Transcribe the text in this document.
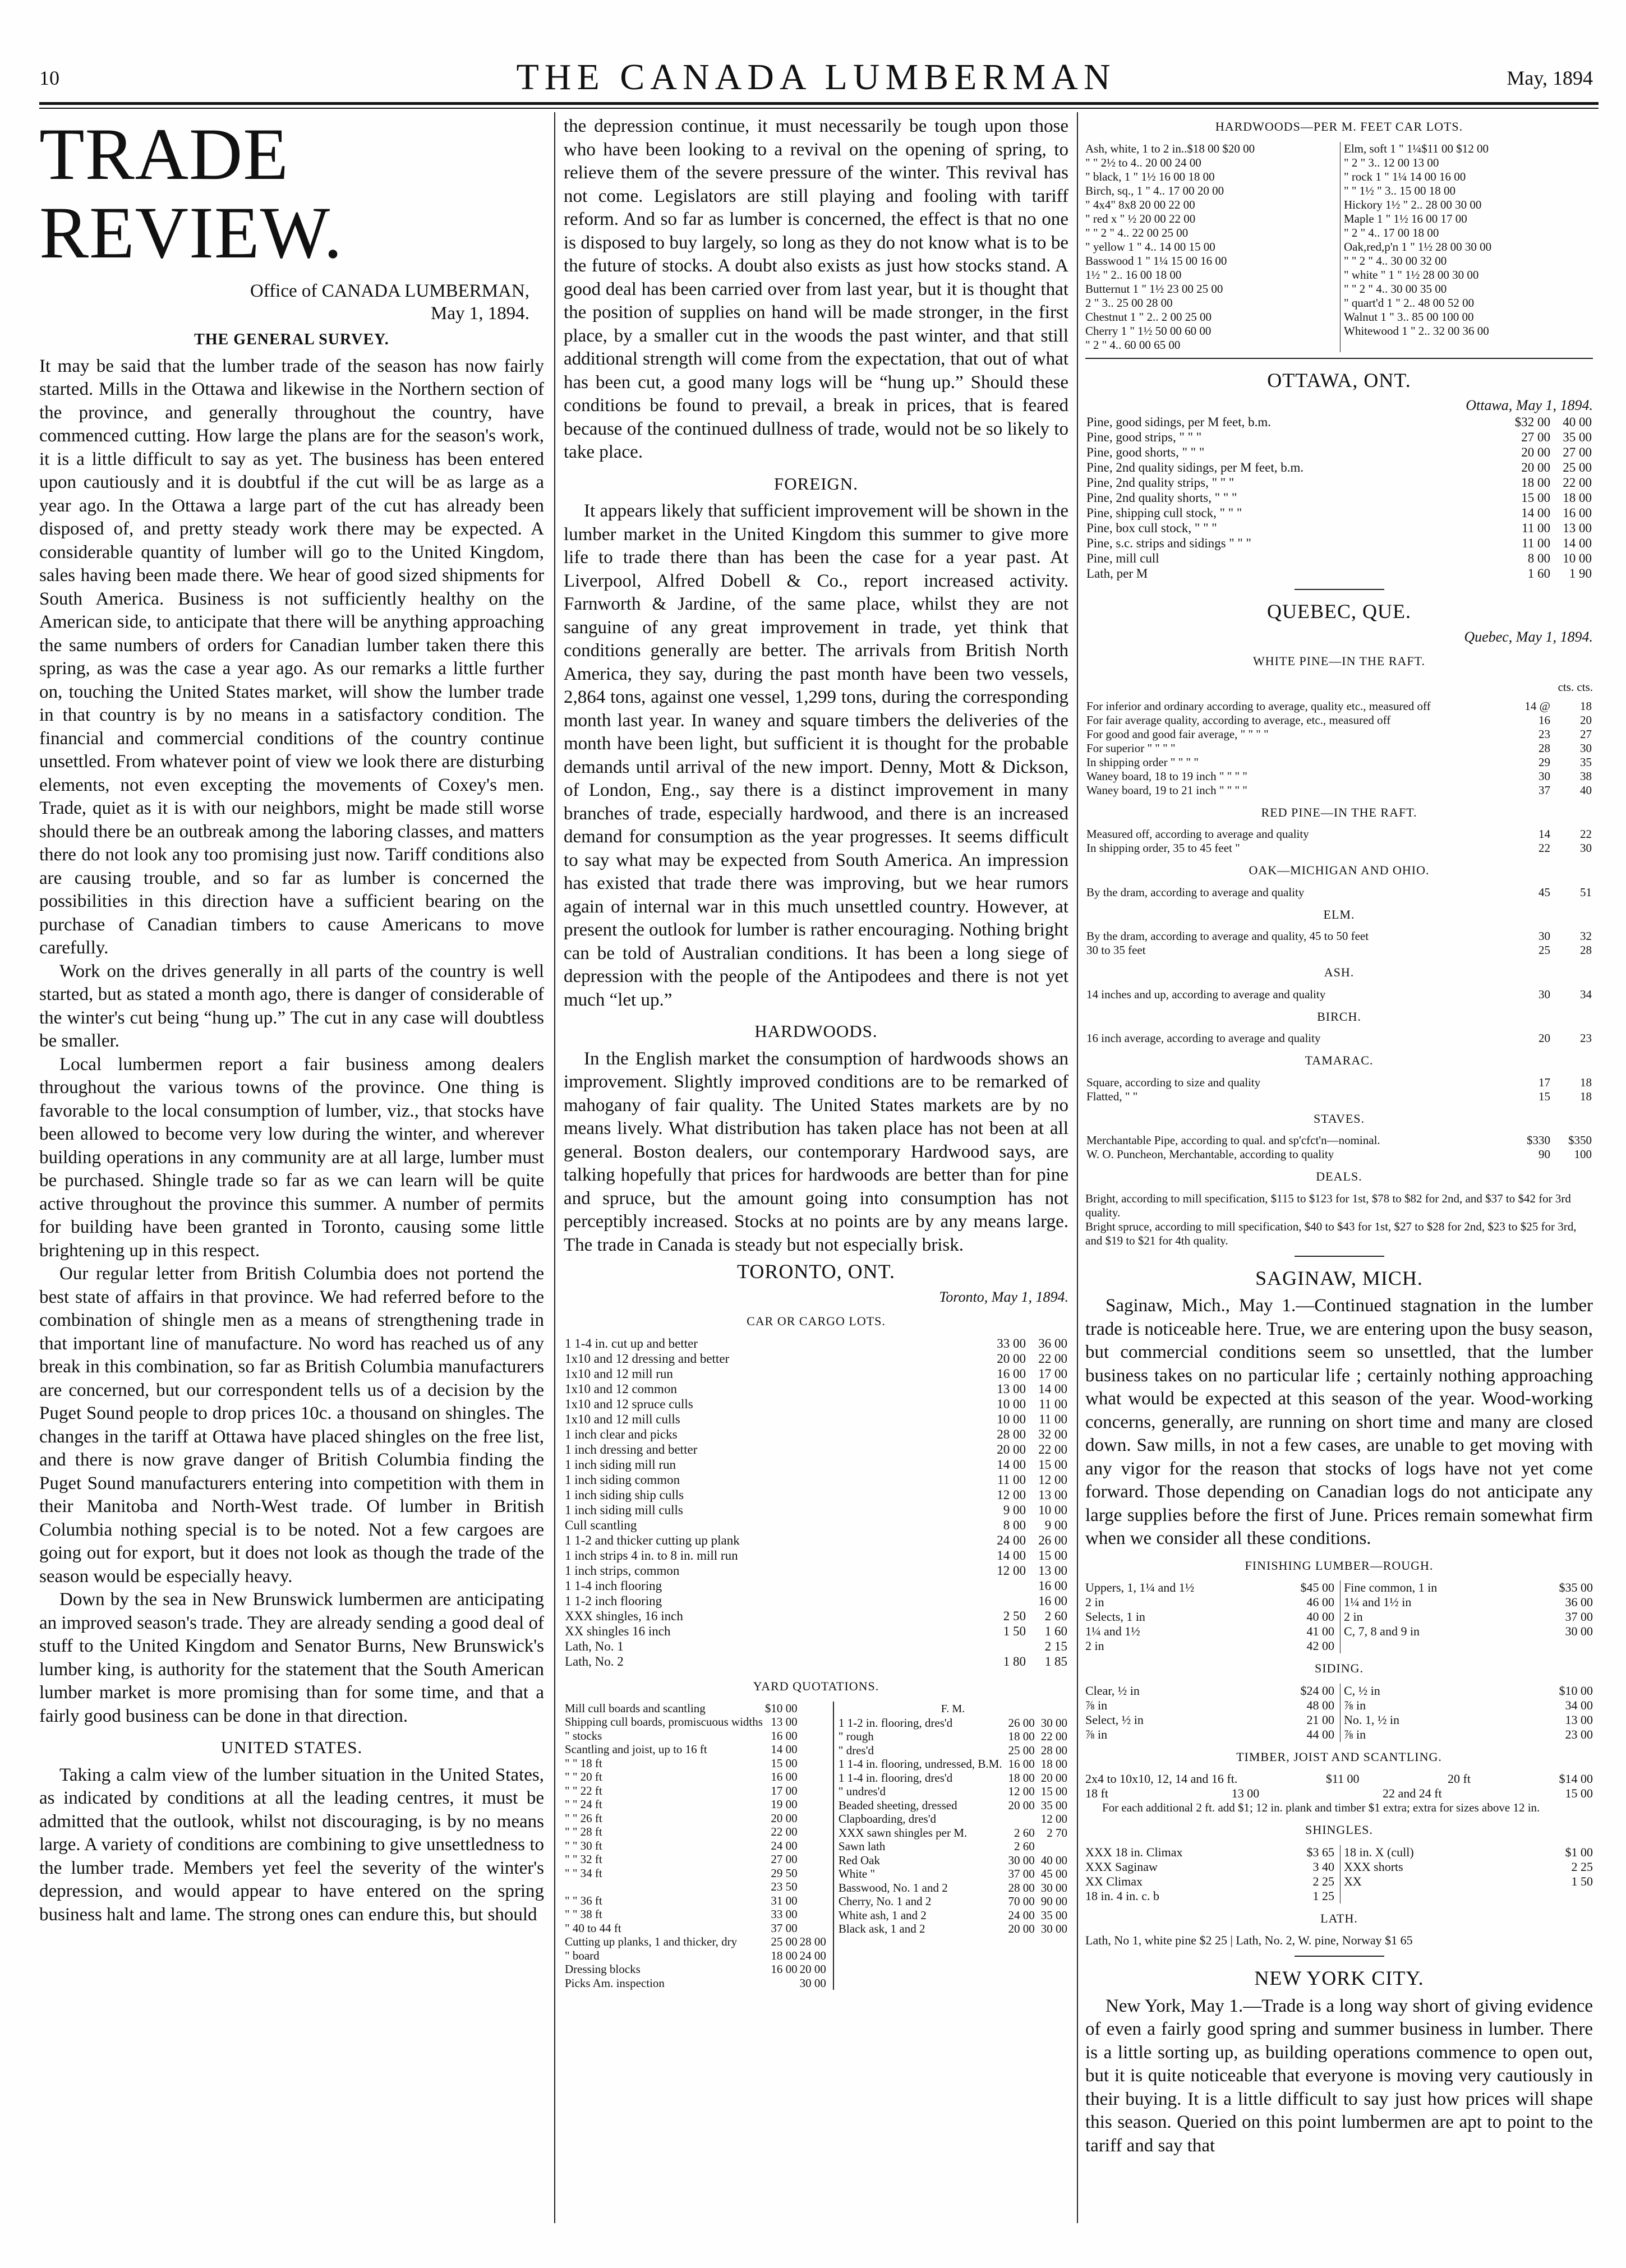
10	THE CANADA LUMBERMAN	May, 1894
TRADE REVIEW.
Office of CANADA LUMBERMAN,
May 1, 1894.
THE GENERAL SURVEY.

It may be said that the lumber trade of the season has now fairly started. Mills in the Ottawa and likewise in the Northern section of the province, and generally throughout the country, have commenced cutting. How large the plans are for the season's work, it is a little difficult to say as yet. The business has been entered upon cautiously and it is doubtful if the cut will be as large as a year ago. In the Ottawa a large part of the cut has already been disposed of, and pretty steady work there may be expected. A considerable quantity of lumber will go to the United Kingdom, sales having been made there. We hear of good sized shipments for South America. Business is not sufficiently healthy on the American side, to anticipate that there will be anything approaching the same numbers of orders for Canadian lumber taken there this spring, as was the case a year ago. As our remarks a little further on, touching the United States market, will show the lumber trade in that country is by no means in a satisfactory condition. The financial and commercial conditions of the country continue unsettled. From whatever point of view we look there are disturbing elements, not even excepting the movements of Coxey's men. Trade, quiet as it is with our neighbors, might be made still worse should there be an outbreak among the laboring classes, and matters there do not look any too promising just now. Tariff conditions also are causing trouble, and so far as lumber is concerned the possibilities in this direction have a sufficient bearing on the purchase of Canadian timbers to cause Americans to move carefully.

Work on the drives generally in all parts of the country is well started, but as stated a month ago, there is danger of considerable of the winter's cut being “hung up.” The cut in any case will doubtless be smaller.

Local lumbermen report a fair business among dealers throughout the various towns of the province. One thing is favorable to the local consumption of lumber, viz., that stocks have been allowed to become very low during the winter, and wherever building operations in any community are at all large, lumber must be purchased. Shingle trade so far as we can learn will be quite active throughout the province this summer. A number of permits for building have been granted in Toronto, causing some little brightening up in this respect.

Our regular letter from British Columbia does not portend the best state of affairs in that province. We had referred before to the combination of shingle men as a means of strengthening trade in that important line of manufacture. No word has reached us of any break in this combination, so far as British Columbia manufacturers are concerned, but our correspondent tells us of a decision by the Puget Sound people to drop prices 10c. a thousand on shingles. The changes in the tariff at Ottawa have placed shingles on the free list, and there is now grave danger of British Columbia finding the Puget Sound manufacturers entering into competition with them in their Manitoba and North-West trade. Of lumber in British Columbia nothing special is to be noted. Not a few cargoes are going out for export, but it does not look as though the trade of the season would be especially heavy.

Down by the sea in New Brunswick lumbermen are anticipating an improved season's trade. They are already sending a good deal of stuff to the United Kingdom and Senator Burns, New Brunswick's lumber king, is authority for the statement that the South American lumber market is more promising than for some time, and that a fairly good business can be done in that direction.

UNITED STATES.

Taking a calm view of the lumber situation in the United States, as indicated by conditions at all the leading centres, it must be admitted that the outlook, whilst not discouraging, is by no means large. A variety of conditions are combining to give unsettledness to the lumber trade. Members yet feel the severity of the winter's depression, and would appear to have entered on the spring business halt and lame. The strong ones can endure this, but should

the depression continue, it must necessarily be tough upon those who have been looking to a revival on the opening of spring, to relieve them of the severe pressure of the winter. This revival has not come. Legislators are still playing and fooling with tariff reform. And so far as lumber is concerned, the effect is that no one is disposed to buy largely, so long as they do not know what is to be the future of stocks. A doubt also exists as just how stocks stand. A good deal has been carried over from last year, but it is thought that the position of supplies on hand will be made stronger, in the first place, by a smaller cut in the woods the past winter, and that still additional strength will come from the expectation, that out of what has been cut, a good many logs will be “hung up.” Should these conditions be found to prevail, a break in prices, that is feared because of the continued dullness of trade, would not be so likely to take place.

FOREIGN.

It appears likely that sufficient improvement will be shown in the lumber market in the United Kingdom this summer to give more life to trade there than has been the case for a year past. At Liverpool, Alfred Dobell & Co., report increased activity. Farnworth & Jardine, of the same place, whilst they are not sanguine of any great improvement in trade, yet think that conditions generally are better. The arrivals from British North America, they say, during the past month have been two vessels, 2,864 tons, against one vessel, 1,299 tons, during the corresponding month last year. In waney and square timbers the deliveries of the month have been light, but sufficient it is thought for the probable demands until arrival of the new import. Denny, Mott & Dickson, of London, Eng., say there is a distinct improvement in many branches of trade, especially hardwood, and there is an increased demand for consumption as the year progresses. It seems difficult to say what may be expected from South America. An impression has existed that trade there was improving, but we hear rumors again of internal war in this much unsettled country. However, at present the outlook for lumber is rather encouraging. Nothing bright can be told of Australian conditions. It has been a long siege of depression with the people of the Antipodees and there is not yet much “let up.”

HARDWOODS.

In the English market the consumption of hardwoods shows an improvement. Slightly improved conditions are to be remarked of mahogany of fair quality. The United States markets are by no means lively. What distribution has taken place has not been at all general. Boston dealers, our contemporary Hardwood says, are talking hopefully that prices for hardwoods are better than for pine and spruce, but the amount going into consumption has not perceptibly increased. Stocks at no points are by any means large. The trade in Canada is steady but not especially brisk.

TORONTO, ONT.
Toronto, May 1, 1894.
CAR OR CARGO LOTS.
1 1-4 in. cut up and better	33 00	36 00
1x10 and 12 dressing and better	20 00	22 00
1x10 and 12 mill run	16 00	17 00
1x10 and 12 common	13 00	14 00
1x10 and 12 spruce culls	10 00	11 00
1x10 and 12 mill culls	10 00	11 00
1 inch clear and picks	28 00	32 00
1 inch dressing and better	20 00	22 00
1 inch siding mill run	14 00	15 00
1 inch siding common	11 00	12 00
1 inch siding ship culls	12 00	13 00
1 inch siding mill culls	9 00	10 00
Cull scantling	8 00	9 00
1 1-2 and thicker cutting up plank	24 00	26 00
1 inch strips 4 in. to 8 in. mill run	14 00	15 00
1 inch strips, common	12 00	13 00
1 1-4 inch flooring		16 00
1 1-2 inch flooring		16 00
XXX shingles, 16 inch	2 50	2 60
XX shingles 16 inch	1 50	1 60
Lath, No. 1		2 15
Lath, No. 2	1 80	1 85
YARD QUOTATIONS.
Mill cull boards and scantling	$10 00	
Shipping cull boards, promiscuous widths	13 00	
" stocks	16 00	
Scantling and joist, up to 16 ft	14 00	
" " 18 ft	15 00	
" " 20 ft	16 00	
" " 22 ft	17 00	
" " 24 ft	19 00	
" " 26 ft	20 00	
" " 28 ft	22 00	
" " 30 ft	24 00	
" " 32 ft	27 00	
" " 34 ft	29 50	
	23 50	
" " 36 ft	31 00	
" " 38 ft	33 00	
" 40 to 44 ft	37 00	
Cutting up planks, 1 and thicker, dry	25 00	28 00
" board	18 00	24 00
Dressing blocks	16 00	20 00
Picks Am. inspection		30 00
F. M.
1 1-2 in. flooring, dres'd	26 00	30 00
" rough	18 00	22 00
" dres'd	25 00	28 00
1 1-4 in. flooring, undressed, B.M.	16 00	18 00
1 1-4 in. flooring, dres'd	18 00	20 00
" undres'd	12 00	15 00
Beaded sheeting, dressed	20 00	35 00
Clapboarding, dres'd		12 00
XXX sawn shingles per M.	2 60	2 70
Sawn lath	2 60	
Red Oak	30 00	40 00
White "	37 00	45 00
Basswood, No. 1 and 2	28 00	30 00
Cherry, No. 1 and 2	70 00	90 00
White ash, 1 and 2	24 00	35 00
Black ask, 1 and 2	20 00	30 00
HARDWOODS—PER M. FEET CAR LOTS.
Ash, white, 1 to 2 in..$18 00 $20 00
" " 2½ to 4.. 20 00 24 00
" black, 1 " 1½ 16 00 18 00
Birch, sq., 1 " 4.. 17 00 20 00
" 4x4" 8x8 20 00 22 00
" red x " ½ 20 00 22 00
" " 2 " 4.. 22 00 25 00
" yellow 1 " 4.. 14 00 15 00
Basswood 1 " 1¼ 15 00 16 00
1½ " 2.. 16 00 18 00
Butternut 1 " 1½ 23 00 25 00
2 " 3.. 25 00 28 00
Chestnut 1 " 2.. 2 00 25 00
Cherry 1 " 1½ 50 00 60 00
" 2 " 4.. 60 00 65 00
Elm, soft 1 " 1¼$11 00 $12 00
" 2 " 3.. 12 00 13 00
" rock 1 " 1¼ 14 00 16 00
" " 1½ " 3.. 15 00 18 00
Hickory 1½ " 2.. 28 00 30 00
Maple 1 " 1½ 16 00 17 00
" 2 " 4.. 17 00 18 00
Oak,red,p'n 1 " 1½ 28 00 30 00
" " 2 " 4.. 30 00 32 00
" white " 1 " 1½ 28 00 30 00
" " 2 " 4.. 30 00 35 00
" quart'd 1 " 2.. 48 00 52 00
Walnut 1 " 3.. 85 00 100 00
Whitewood 1 " 2.. 32 00 36 00
OTTAWA, ONT.
Ottawa, May 1, 1894.
Pine, good sidings, per M feet, b.m.	$32 00	40 00
Pine, good strips, " " "	27 00	35 00
Pine, good shorts, " " "	20 00	27 00
Pine, 2nd quality sidings, per M feet, b.m.	20 00	25 00
Pine, 2nd quality strips, " " "	18 00	22 00
Pine, 2nd quality shorts, " " "	15 00	18 00
Pine, shipping cull stock, " " "	14 00	16 00
Pine, box cull stock, " " "	11 00	13 00
Pine, s.c. strips and sidings " " "	11 00	14 00
Pine, mill cull	8 00	10 00
Lath, per M	1 60	1 90
QUEBEC, QUE.
Quebec, May 1, 1894.
WHITE PINE—IN THE RAFT.
cts. cts.
For inferior and ordinary according to average, quality etc., measured off	14 @	18
For fair average quality, according to average, etc., measured off	16	20
For good and good fair average, " " " "	23	27
For superior " " " "	28	30
In shipping order " " " "	29	35
Waney board, 18 to 19 inch " " " "	30	38
Waney board, 19 to 21 inch " " " "	37	40
RED PINE—IN THE RAFT.
Measured off, according to average and quality	14	22
In shipping order, 35 to 45 feet "	22	30
OAK—MICHIGAN AND OHIO.
By the dram, according to average and quality	45	51
ELM.
By the dram, according to average and quality, 45 to 50 feet	30	32
30 to 35 feet	25	28
ASH.
14 inches and up, according to average and quality	30	34
BIRCH.
16 inch average, according to average and quality	20	23
TAMARAC.
Square, according to size and quality	17	18
Flatted, " "	15	18
STAVES.
Merchantable Pipe, according to qual. and sp'cfct'n—nominal.	$330	$350
W. O. Puncheon, Merchantable, according to quality	90	100
DEALS.

Bright, according to mill specification, $115 to $123 for 1st, $78 to $82 for 2nd, and $37 to $42 for 3rd quality.

Bright spruce, according to mill specification, $40 to $43 for 1st, $27 to $28 for 2nd, $23 to $25 for 3rd, and $19 to $21 for 4th quality.

SAGINAW, MICH.

Saginaw, Mich., May 1.—Continued stagnation in the lumber trade is noticeable here. True, we are entering upon the busy season, but commercial conditions seem so unsettled, that the lumber business takes on no particular life ; certainly nothing approaching what would be expected at this season of the year. Wood-working concerns, generally, are running on short time and many are closed down. Saw mills, in not a few cases, are unable to get moving with any vigor for the reason that stocks of logs have not yet come forward. Those depending on Canadian logs do not anticipate any large supplies before the first of June. Prices remain somewhat firm when we consider all these conditions.

FINISHING LUMBER—ROUGH.
Uppers, 1, 1¼ and 1½	$45 00
2 in	46 00
Selects, 1 in	40 00
1¼ and 1½	41 00
2 in	42 00
Fine common, 1 in	$35 00
1¼ and 1½ in	36 00
2 in	37 00
C, 7, 8 and 9 in	30 00
SIDING.
Clear, ½ in	$24 00
⅞ in	48 00
Select, ½ in	21 00
⅞ in	44 00
C, ½ in	$10 00
⅞ in	34 00
No. 1, ½ in	13 00
⅞ in	23 00
TIMBER, JOIST AND SCANTLING.
2x4 to 10x10, 12, 14 and 16 ft.	$11 00	20 ft	$14 00
18 ft	13 00	22 and 24 ft	15 00
For each additional 2 ft. add $1; 12 in. plank and timber $1 extra; extra for sizes above 12 in.
SHINGLES.
XXX 18 in. Climax	$3 65
XXX Saginaw	3 40
XX Climax	2 25
18 in. 4 in. c. b	1 25
18 in. X (cull)	$1 00
XXX shorts	2 25
XX	1 50
LATH.
Lath, No 1, white pine $2 25 | Lath, No. 2, W. pine, Norway $1 65
NEW YORK CITY.

New York, May 1.—Trade is a long way short of giving evidence of even a fairly good spring and summer business in lumber. There is a little sorting up, as building operations commence to open out, but it is quite noticeable that everyone is moving very cautiously in their buying. It is a little difficult to say just how prices will shape this season. Queried on this point lumbermen are apt to point to the tariff and say that
